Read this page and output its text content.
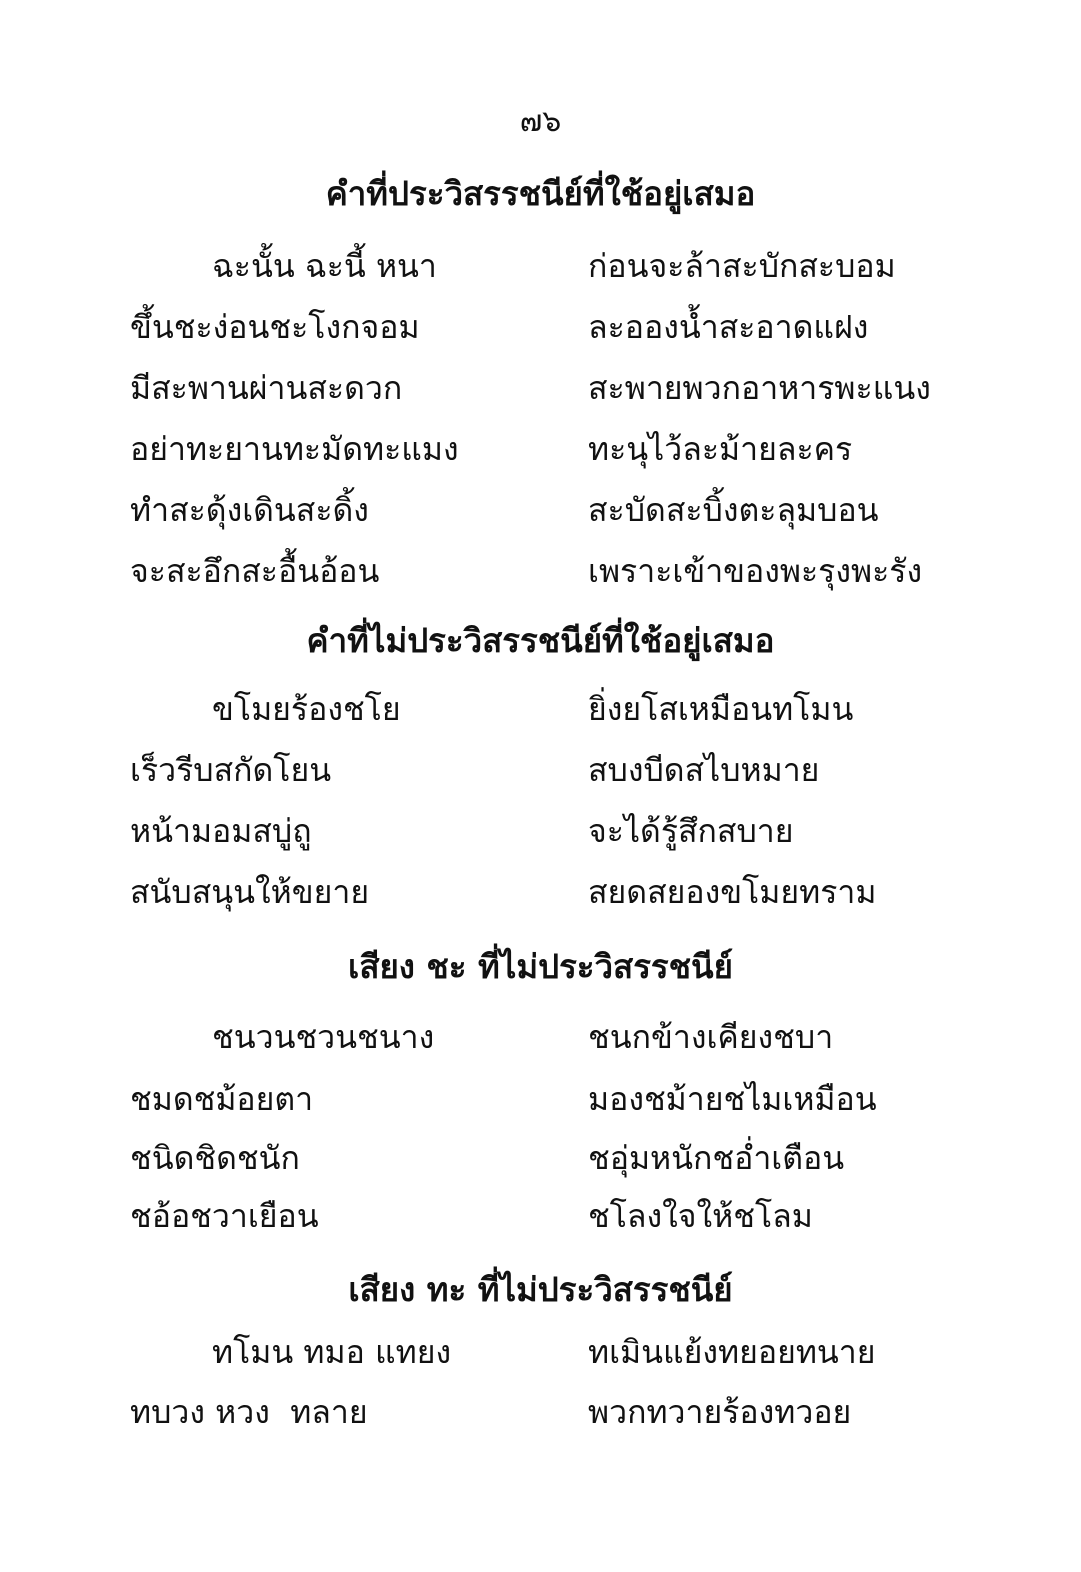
๗๖
คำที่ประวิสรรชนีย์ที่ใช้อยู่เสมอ
ฉะนั้น ฉะนี้ หนา	ก่อนจะล้าสะบักสะบอม
ขึ้นชะง่อนชะโงกจอม	ละอองน้ำสะอาดแฝง
มีสะพานผ่านสะดวก	สะพายพวกอาหารพะแนง
อย่าทะยานทะมัดทะแมง	ทะนุไว้ละม้ายละคร
ทำสะดุ้งเดินสะดิ้ง	สะบัดสะบิ้งตะลุมบอน
จะสะอึกสะอื้นอ้อน	เพราะเข้าของพะรุงพะรัง
คำที่ไม่ประวิสรรชนีย์ที่ใช้อยู่เสมอ
ขโมยร้องชโย	ยิ่งยโสเหมือนทโมน
เร็วรีบสกัดโยน	สบงบีดสไบหมาย
หน้ามอมสบู่ถู	จะได้รู้สึกสบาย
สนับสนุนให้ขยาย	สยดสยองขโมยทราม
เสียง ชะ ที่ไม่ประวิสรรชนีย์
ชนวนชวนชนาง	ชนกข้างเคียงชบา
ชมดชม้อยตา	มองชม้ายชไมเหมือน
ชนิดชิดชนัก	ชอุ่มหนักชอ่ำเตือน
ชอ้อชวาเยือน	ชโลงใจให้ชโลม
เสียง ทะ ที่ไม่ประวิสรรชนีย์
ทโมน ทมอ แทยง	ทเมินแย้งทยอยทนาย
ทบวง หวง  ทลาย	พวกทวายร้องทวอย
